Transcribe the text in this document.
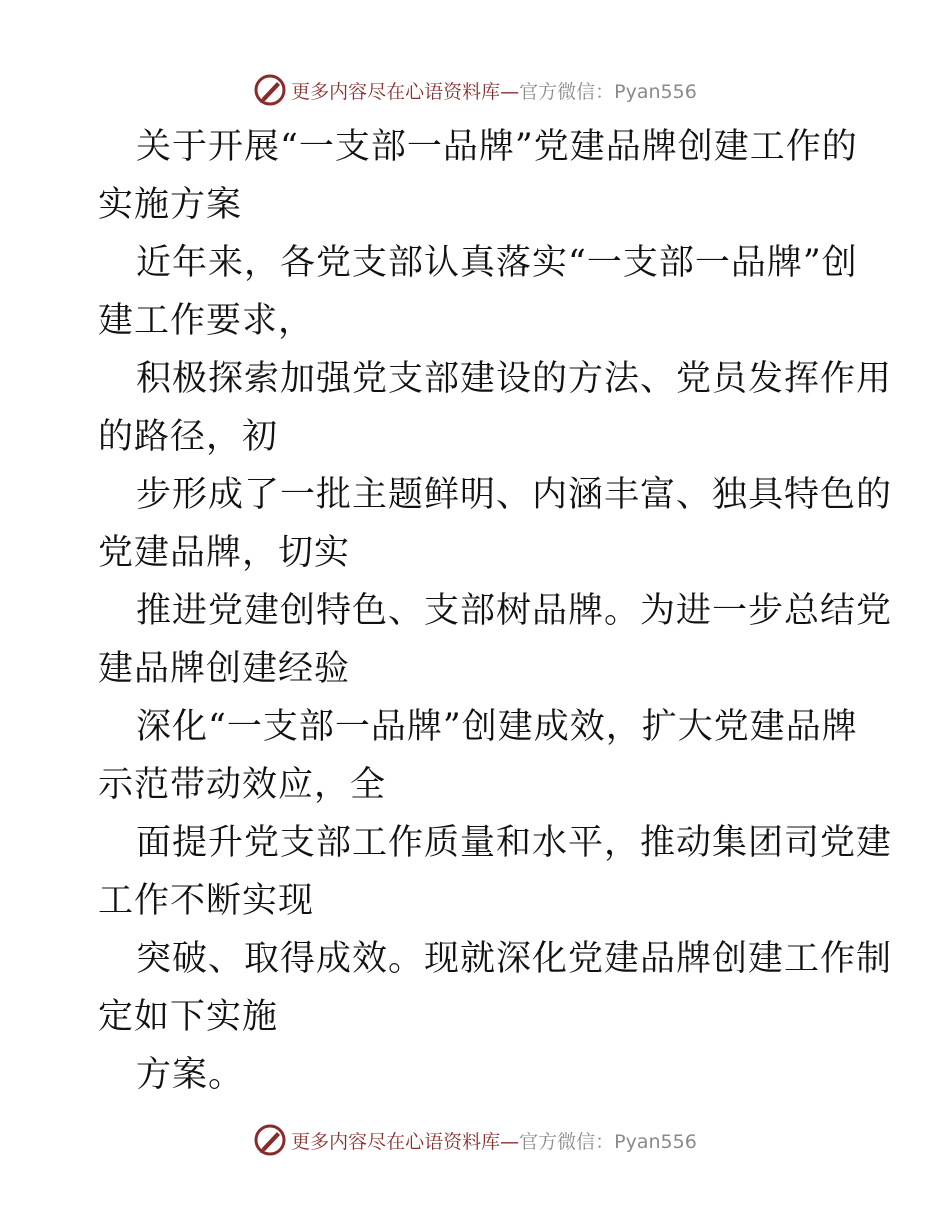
更多内容尽在心语资料库—官方微信：Pyan556
关于开展“一支部一品牌”党建品牌创建工作的
实施方案
近年来，各党支部认真落实“一支部一品牌”创
建工作要求，
积极探索加强党支部建设的方法、党员发挥作用
的路径，初
步形成了一批主题鲜明、内涵丰富、独具特色的
党建品牌，切实
推进党建创特色、支部树品牌。为进一步总结党
建品牌创建经验
深化“一支部一品牌”创建成效，扩大党建品牌
示范带动效应，全
面提升党支部工作质量和水平，推动集团司党建
工作不断实现
突破、取得成效。现就深化党建品牌创建工作制
定如下实施
方案。
更多内容尽在心语资料库—官方微信：Pyan556
